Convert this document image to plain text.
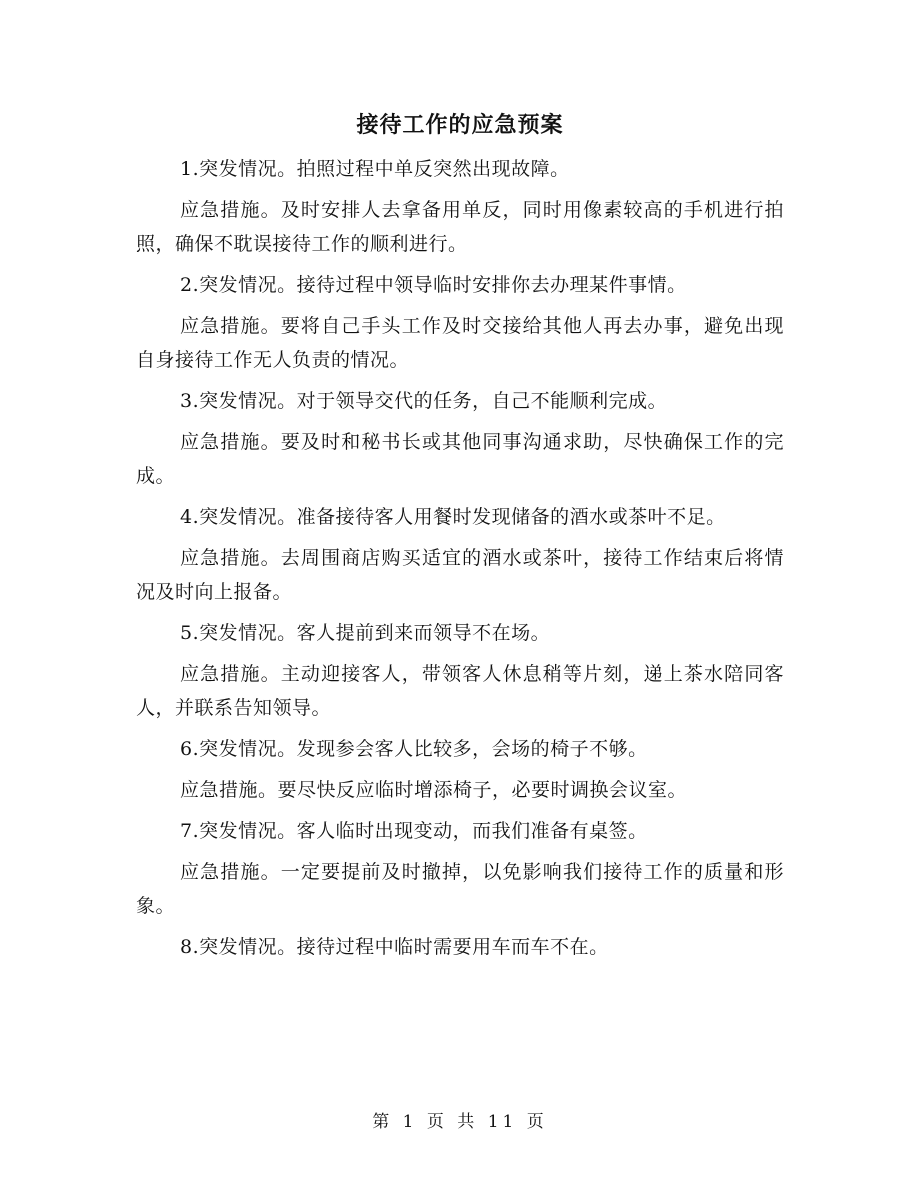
接待工作的应急预案

1.突发情况。拍照过程中单反突然出现故障。

应急措施。及时安排人去拿备用单反，同时用像素较高的手机进行拍照，确保不耽误接待工作的顺利进行。

2.突发情况。接待过程中领导临时安排你去办理某件事情。

应急措施。要将自己手头工作及时交接给其他人再去办事，避免出现自身接待工作无人负责的情况。

3.突发情况。对于领导交代的任务，自己不能顺利完成。

应急措施。要及时和秘书长或其他同事沟通求助，尽快确保工作的完成。

4.突发情况。准备接待客人用餐时发现储备的酒水或茶叶不足。

应急措施。去周围商店购买适宜的酒水或茶叶，接待工作结束后将情况及时向上报备。

5.突发情况。客人提前到来而领导不在场。

应急措施。主动迎接客人，带领客人休息稍等片刻，递上茶水陪同客人，并联系告知领导。

6.突发情况。发现参会客人比较多，会场的椅子不够。

应急措施。要尽快反应临时增添椅子，必要时调换会议室。

7.突发情况。客人临时出现变动，而我们准备有桌签。

应急措施。一定要提前及时撤掉，以免影响我们接待工作的质量和形象。

8.突发情况。接待过程中临时需要用车而车不在。

第 1 页 共 11 页
